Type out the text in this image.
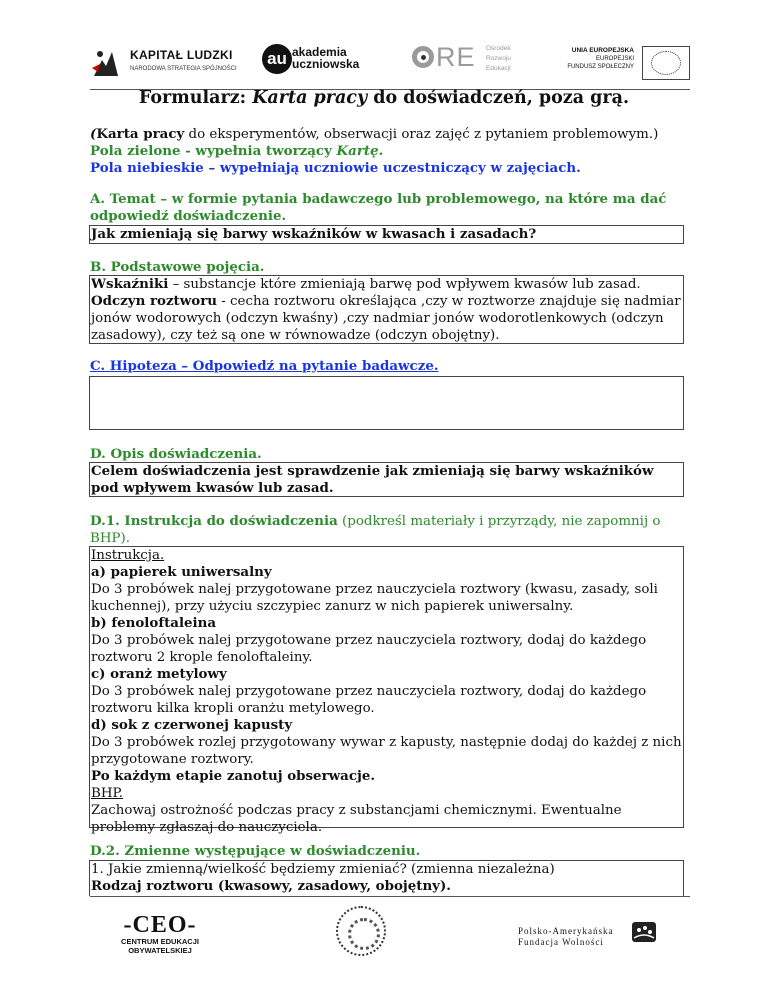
KAPITAŁ LUDZKI
NARODOWA STRATEGIA SPÓJNOŚCI
au akademia
uczniowska	RE Ośrodek
Rozwoju
Edukacji
UNIA EUROPEJSKA
EUROPEJSKI
FUNDUSZ SPOŁECZNY
Formularz: Karta pracy do doświadczeń, poza grą.
(Karta pracy do eksperymentów, obserwacji oraz zajęć z pytaniem problemowym.)
Pola zielone - wypełnia tworzący Kartę.
Pola niebieskie – wypełniają uczniowie uczestniczący w zajęciach.
A. Temat – w formie pytania badawczego lub problemowego, na które ma dać odpowiedź doświadczenie.
Jak zmieniają się barwy wskaźników w kwasach i zasadach?
B. Podstawowe pojęcia.
Wskaźniki – substancje które zmieniają barwę pod wpływem kwasów lub zasad.
Odczyn roztworu - cecha roztworu określająca ,czy w roztworze znajduje się nadmiar jonów wodorowych (odczyn kwaśny) ,czy nadmiar jonów wodorotlenkowych (odczyn zasadowy), czy też są one w równowadze (odczyn obojętny).
C. Hipoteza – Odpowiedź na pytanie badawcze.
D. Opis doświadczenia.
Celem doświadczenia jest sprawdzenie jak zmieniają się barwy wskaźników pod wpływem kwasów lub zasad.
D.1. Instrukcja do doświadczenia (podkreśl materiały i przyrządy, nie zapomnij o BHP).
Instrukcja.
a) papierek uniwersalny
Do 3 probówek nalej przygotowane przez nauczyciela roztwory (kwasu, zasady, soli kuchennej), przy użyciu szczypiec zanurz w nich papierek uniwersalny.
b) fenoloftaleina
Do 3 probówek nalej przygotowane przez nauczyciela roztwory, dodaj do każdego roztworu 2 krople fenoloftaleiny.
c) oranż metylowy
Do 3 probówek nalej przygotowane przez nauczyciela roztwory, dodaj do każdego roztworu kilka kropli oranżu metylowego.
d) sok z czerwonej kapusty
Do 3 probówek rozlej przygotowany wywar z kapusty, następnie dodaj do każdej z nich przygotowane roztwory.
Po każdym etapie zanotuj obserwacje.
BHP.
Zachowaj ostrożność podczas pracy z substancjami chemicznymi. Ewentualne problemy zgłaszaj do nauczyciela.
D.2. Zmienne występujące w doświadczeniu.
1. Jakie zmienną/wielkość będziemy zmieniać? (zmienna niezależna)
Rodzaj roztworu (kwasowy, zasadowy, obojętny).
-CEO-
CENTRUM EDUKACJI OBYWATELSKIEJ
Polsko-Amerykańska
Fundacja Wolności
